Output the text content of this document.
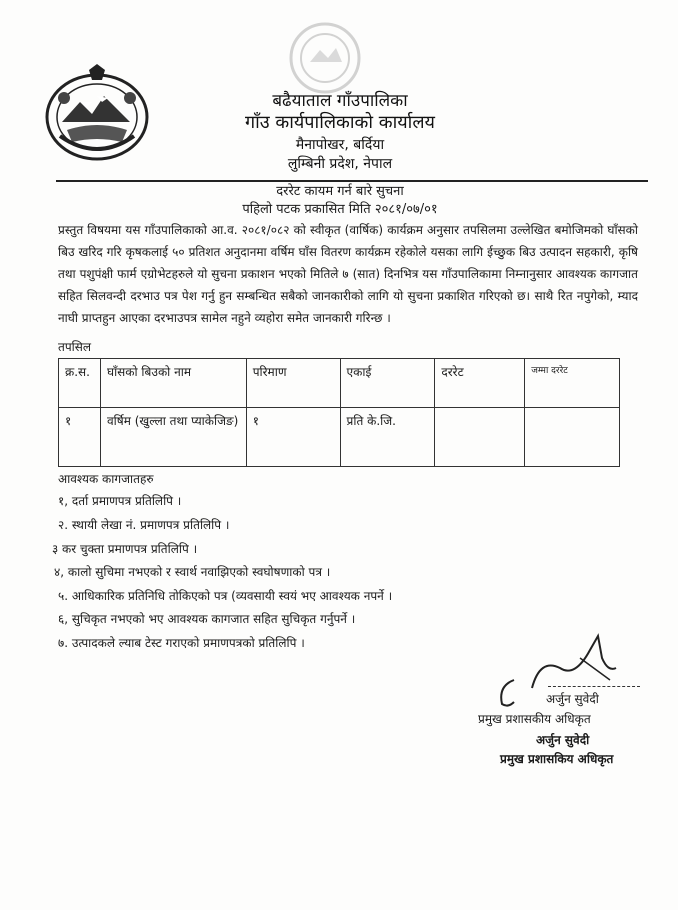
बढैयाताल गाँउपालिका
गाँउ कार्यपालिकाको कार्यालय
मैनापोखर, बर्दिया
लुम्बिनी प्रदेश, नेपाल
दररेट कायम गर्न बारे सुचना
पहिलो पटक प्रकासित मिति २०८१/०७/०१
प्रस्तुत विषयमा यस गाँउपालिकाको आ.व. २०८१/०८२ को स्वीकृत (वार्षिक) कार्यक्रम अनुसार तपसिलमा उल्लेखित बमोजिमको घाँसको बिउ खरिद गरि कृषकलाई ५० प्रतिशत अनुदानमा वर्षिम घाँस वितरण कार्यक्रम रहेकोले यसका लागि ईच्छुक बिउ उत्पादन सहकारी, कृषि तथा पशुपंक्षी फार्म एग्रोभेटहरुले यो सुचना प्रकाशन भएको मितिले ७ (सात) दिनभित्र यस गाँउपालिकामा निम्नानुसार आवश्यक कागजात सहित सिलवन्दी दरभाउ पत्र पेश गर्नु हुन सम्बन्धित सबैको जानकारीको लागि यो सुचना प्रकाशित गरिएको छ। साथै रित नपुगेको, म्याद नाघी प्राप्तहुन आएका दरभाउपत्र सामेल नहुने व्यहोरा समेत जानकारी गरिन्छ ।
तपसिल
क्र.स.	घाँसको बिउको नाम	परिमाण	एकाई	दररेट	जम्मा दररेट
१	वर्षिम (खुल्ला तथा प्याकेजिङ)	१	प्रति के.जि.		
आवश्यक कागजातहरु
१, दर्ता प्रमाणपत्र प्रतिलिपि ।
२. स्थायी लेखा नं. प्रमाणपत्र प्रतिलिपि ।
३ कर चुक्ता प्रमाणपत्र प्रतिलिपि ।
४, कालो सुचिमा नभएको र स्वार्थ नवाझिएको स्वघोषणाको पत्र ।
५. आधिकारिक प्रतिनिधि तोकिएको पत्र (व्यवसायी स्वयं भए आवश्यक नपर्ने ।
६, सुचिकृत नभएको भए आवश्यक कागजात सहित सुचिकृत गर्नुपर्ने ।
७. उत्पादकले ल्याब टेस्ट गराएको प्रमाणपत्रको प्रतिलिपि ।
अर्जुन सुवेदी
प्रमुख प्रशासकीय अधिकृत
अर्जुन सुवेदी
प्रमुख प्रशासकिय अधिकृत
